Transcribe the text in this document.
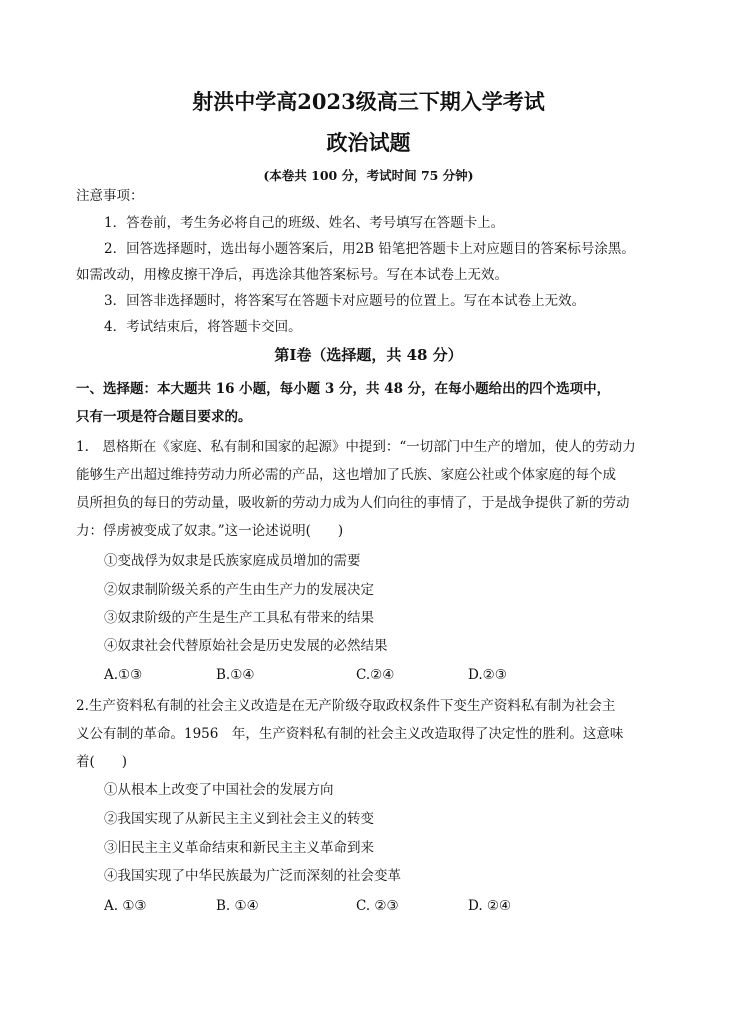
射洪中学高2023级高三下期入学考试
政治试题
(本卷共 100 分，考试时间 75 分钟)
注意事项：
1．答卷前，考生务必将自己的班级、姓名、考号填写在答题卡上。
2．回答选择题时，选出每小题答案后，用2B 铅笔把答题卡上对应题目的答案标号涂黑。
如需改动，用橡皮擦干净后，再选涂其他答案标号。写在本试卷上无效。
3．回答非选择题时，将答案写在答题卡对应题号的位置上。写在本试卷上无效。
4．考试结束后，将答题卡交回。
第Ⅰ卷（选择题，共 48 分）
一、选择题：本大题共 16 小题，每小题 3 分，共 48 分，在每小题给出的四个选项中，
只有一项是符合题目要求的。
1.　恩格斯在《家庭、私有制和国家的起源》中提到：“一切部门中生产的增加，使人的劳动力
能够生产出超过维持劳动力所必需的产品，这也增加了氏族、家庭公社或个体家庭的每个成
员所担负的每日的劳动量，吸收新的劳动力成为人们向往的事情了，于是战争提供了新的劳动
力：俘虏被变成了奴隶。”这一论述说明(　　)
①变战俘为奴隶是氏族家庭成员增加的需要
②奴隶制阶级关系的产生由生产力的发展决定
③奴隶阶级的产生是生产工具私有带来的结果
④奴隶社会代替原始社会是历史发展的必然结果
A.①③	B.①④	C.②④	D.②③
2.生产资料私有制的社会主义改造是在无产阶级夺取政权条件下变生产资料私有制为社会主
义公有制的革命。1956　年，生产资料私有制的社会主义改造取得了决定性的胜利。这意味
着(　　)
①从根本上改变了中国社会的发展方向
②我国实现了从新民主主义到社会主义的转变
③旧民主主义革命结束和新民主主义革命到来
④我国实现了中华民族最为广泛而深刻的社会变革
A. ①③	B. ①④	C. ②③	D. ②④
